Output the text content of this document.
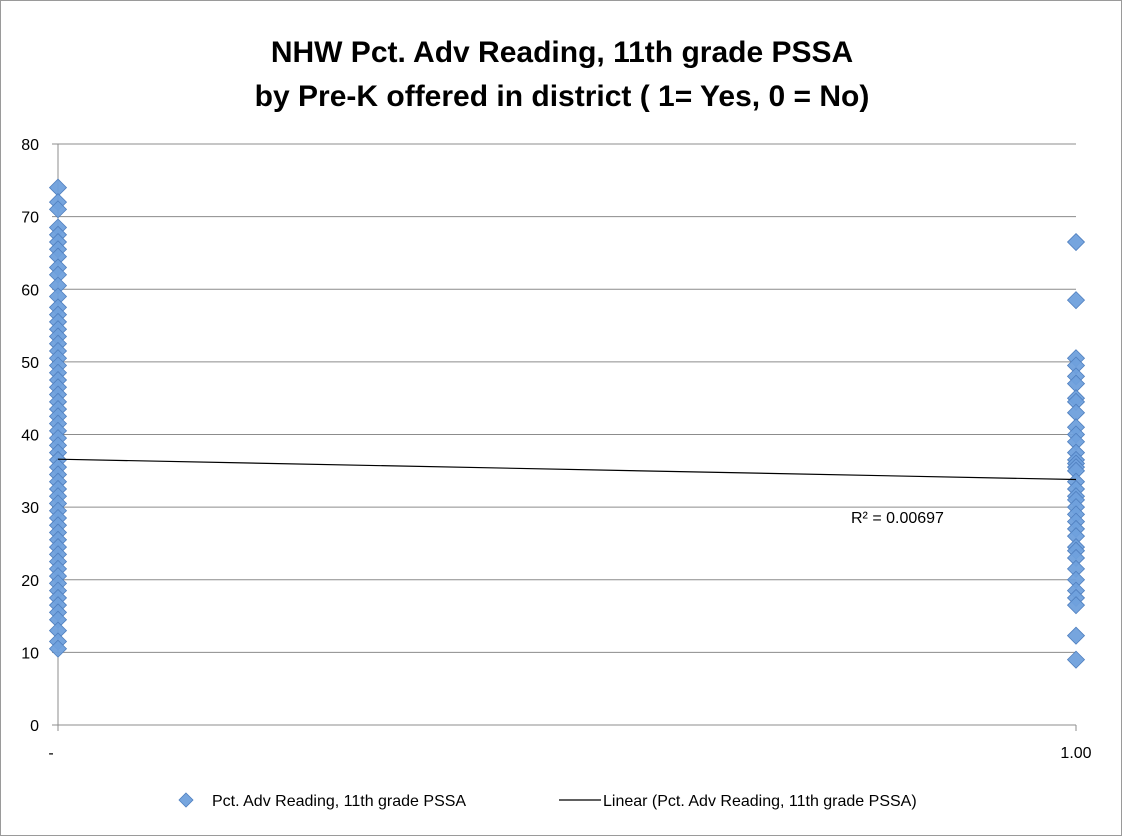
NHW Pct. Adv Reading, 11th grade PSSA
by Pre-K offered in district ( 1= Yes, 0 = No)
0
10
20
30
40
50
60
70
80
-	1.00
R² = 0.00697
Pct. Adv Reading, 11th grade PSSA	Linear (Pct. Adv Reading, 11th grade PSSA)
